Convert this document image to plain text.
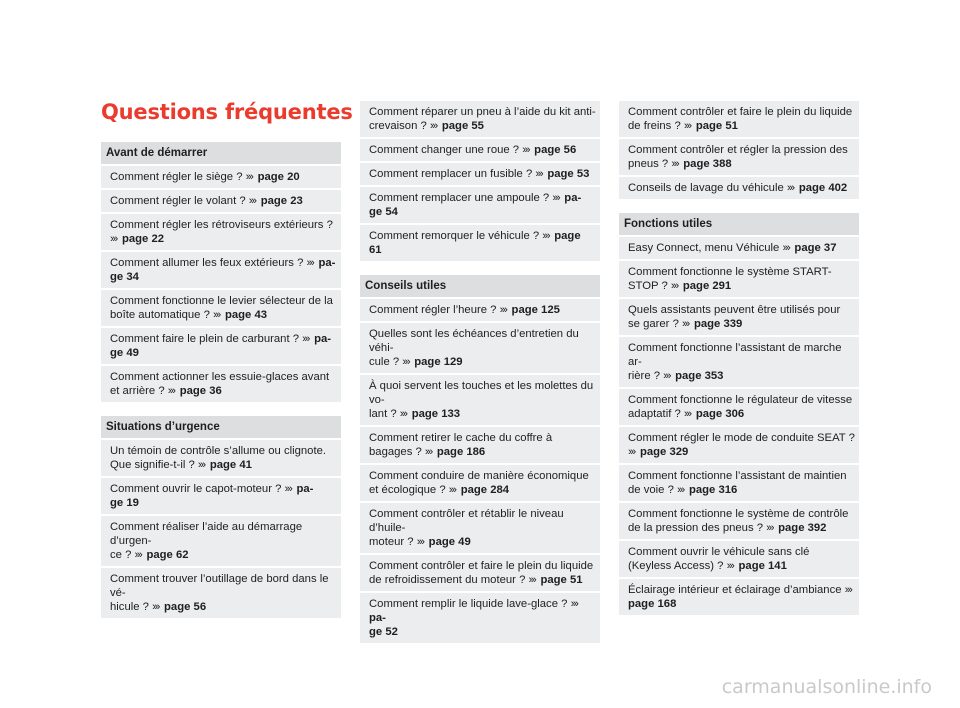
Questions fréquentes
Avant de démarrer
Comment régler le siège ? ››› page 20
Comment régler le volant ? ››› page 23
Comment régler les rétroviseurs extérieurs ? ››› page 22
Comment allumer les feux extérieurs ? ››› pa-
ge 34
Comment fonctionne le levier sélecteur de la boîte automatique ? ››› page 43
Comment faire le plein de carburant ? ››› pa-
ge 49
Comment actionner les essuie-glaces avant et arrière ? ››› page 36
Situations d’urgence
Un témoin de contrôle s’allume ou clignote. Que signifie-t-il ? ››› page 41
Comment ouvrir le capot-moteur ? ››› pa-
ge 19
Comment réaliser l’aide au démarrage d’urgen-
ce ? ››› page 62
Comment trouver l’outillage de bord dans le vé-
hicule ? ››› page 56
Comment réparer un pneu à l’aide du kit anti-
crevaison ? ››› page 55
Comment changer une roue ? ››› page 56
Comment remplacer un fusible ? ››› page 53
Comment remplacer une ampoule ? ››› pa-
ge 54
Comment remorquer le véhicule ? ››› page 61
Conseils utiles
Comment régler l’heure ? ››› page 125
Quelles sont les échéances d’entretien du véhi-
cule ? ››› page 129
À quoi servent les touches et les molettes du vo-
lant ? ››› page 133
Comment retirer le cache du coffre à bagages ? ››› page 186
Comment conduire de manière économique et écologique ? ››› page 284
Comment contrôler et rétablir le niveau d’huile-
moteur ? ››› page 49
Comment contrôler et faire le plein du liquide de refroidissement du moteur ? ››› page 51
Comment remplir le liquide lave-glace ? ››› pa-
ge 52
Comment contrôler et faire le plein du liquide de freins ? ››› page 51
Comment contrôler et régler la pression des pneus ? ››› page 388
Conseils de lavage du véhicule ››› page 402
Fonctions utiles
Easy Connect, menu Véhicule ››› page 37
Comment fonctionne le système START-STOP ? ››› page 291
Quels assistants peuvent être utilisés pour se garer ? ››› page 339
Comment fonctionne l’assistant de marche ar-
rière ? ››› page 353
Comment fonctionne le régulateur de vitesse adaptatif ? ››› page 306
Comment régler le mode de conduite SEAT ? ››› page 329
Comment fonctionne l’assistant de maintien de voie ? ››› page 316
Comment fonctionne le système de contrôle de la pression des pneus ? ››› page 392
Comment ouvrir le véhicule sans clé (Keyless Access) ? ››› page 141
Éclairage intérieur et éclairage d’ambiance ››› page 168

carmanualsonline.info
